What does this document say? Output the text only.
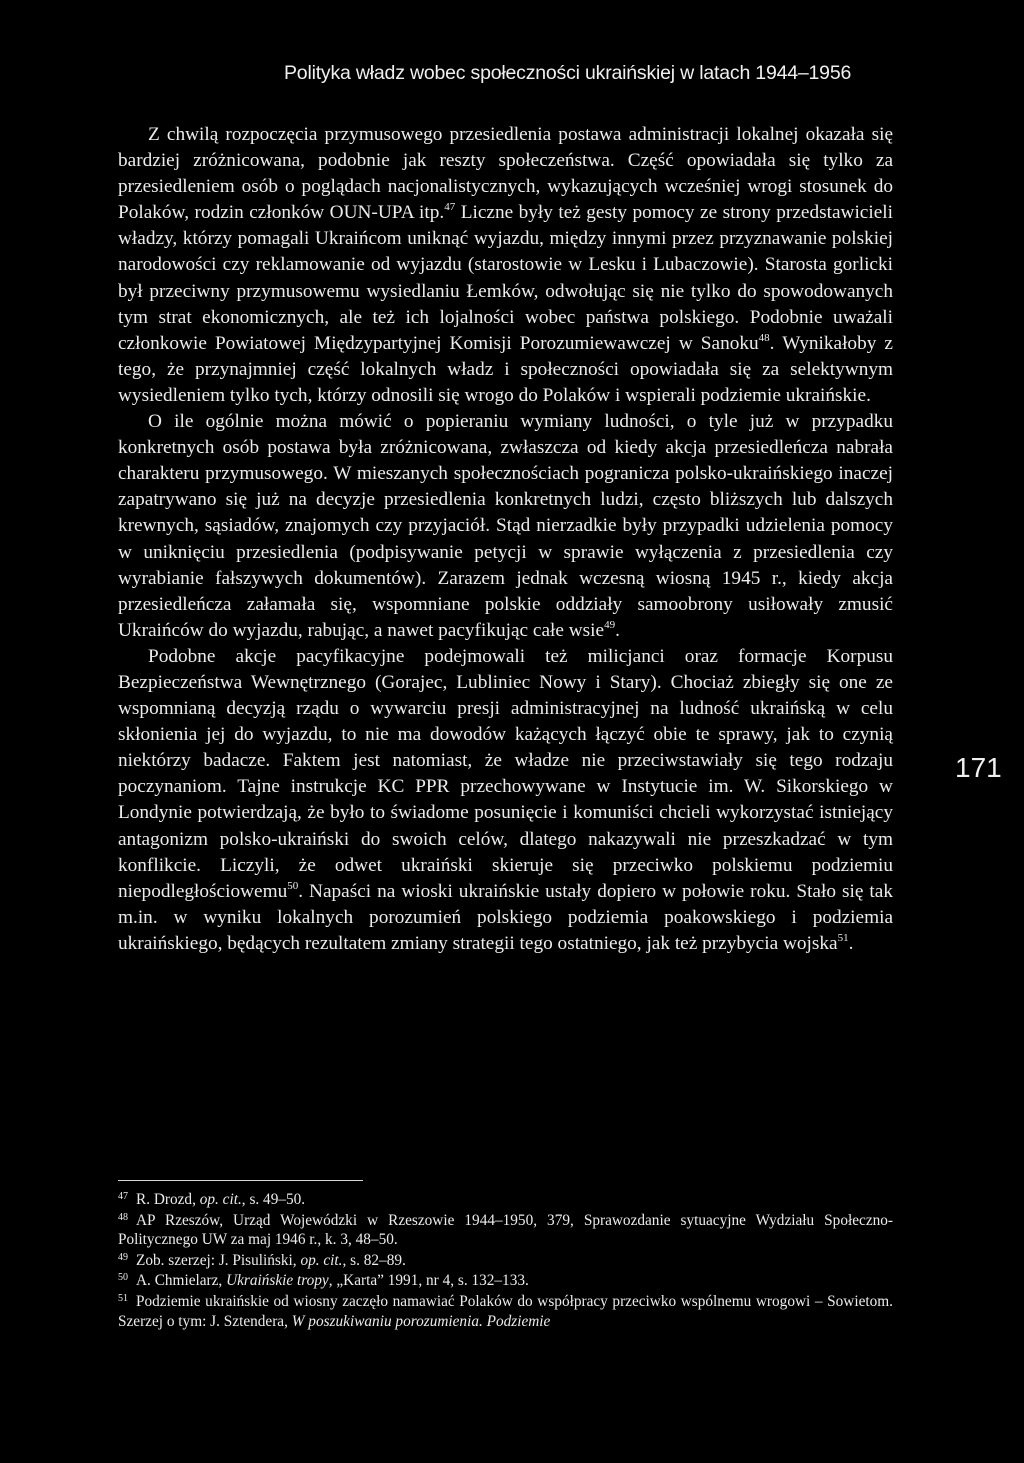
Polityka władz wobec społeczności ukraińskiej w latach 1944–1956

Z chwilą rozpoczęcia przymusowego przesiedlenia postawa administracji lokalnej okazała się bardziej zróżnicowana, podobnie jak reszty społeczeństwa. Część opowiadała się tylko za przesiedleniem osób o poglądach nacjonalistycznych, wykazujących wcześniej wrogi stosunek do Polaków, rodzin członków OUN-UPA itp.$^{47}$ Liczne były też gesty pomocy ze strony przedstawicieli władzy, którzy pomagali Ukraińcom uniknąć wyjazdu, między innymi przez przyznawanie polskiej narodowości czy reklamowanie od wyjazdu (starostowie w Lesku i Lubaczowie). Starosta gorlicki był przeciwny przymusowemu wysiedlaniu Łemków, odwołując się nie tylko do spowodowanych tym strat ekonomicznych, ale też ich lojalności wobec państwa polskiego. Podobnie uważali członkowie Powiatowej Międzypartyjnej Komisji Porozumiewawczej w Sanoku$^{48}$. Wynikałoby z tego, że przynajmniej część lokalnych władz i społeczności opowiadała się za selektywnym wysiedleniem tylko tych, którzy odnosili się wrogo do Polaków i wspierali podziemie ukraińskie.

O ile ogólnie można mówić o popieraniu wymiany ludności, o tyle już w przypadku konkretnych osób postawa była zróżnicowana, zwłaszcza od kiedy akcja przesiedleńcza nabrała charakteru przymusowego. W mieszanych społecznościach pogranicza polsko-ukraińskiego inaczej zapatrywano się już na decyzje przesiedlenia konkretnych ludzi, często bliższych lub dalszych krewnych, sąsiadów, znajomych czy przyjaciół. Stąd nierzadkie były przypadki udzielenia pomocy w uniknięciu przesiedlenia (podpisywanie petycji w sprawie wyłączenia z przesiedlenia czy wyrabianie fałszywych dokumentów). Zarazem jednak wczesną wiosną 1945 r., kiedy akcja przesiedleńcza załamała się, wspomniane polskie oddziały samoobrony usiłowały zmusić Ukraińców do wyjazdu, rabując, a nawet pacyfikując całe wsie$^{49}$.

Podobne akcje pacyfikacyjne podejmowali też milicjanci oraz formacje Korpusu Bezpieczeństwa Wewnętrznego (Gorajec, Lubliniec Nowy i Stary). Chociaż zbiegły się one ze wspomnianą decyzją rządu o wywarciu presji administracyjnej na ludność ukraińską w celu skłonienia jej do wyjazdu, to nie ma dowodów każących łączyć obie te sprawy, jak to czynią niektórzy badacze. Faktem jest natomiast, że władze nie przeciwstawiały się tego rodzaju poczynaniom. Tajne instrukcje KC PPR przechowywane w Instytucie im. W. Sikorskiego w Londynie potwierdzają, że było to świadome posunięcie i komuniści chcieli wykorzystać istniejący antagonizm polsko-ukraiński do swoich celów, dlatego nakazywali nie przeszkadzać w tym konflikcie. Liczyli, że odwet ukraiński skieruje się przeciwko polskiemu podziemiu niepodległościowemu$^{50}$. Napaści na wioski ukraińskie ustały dopiero w połowie roku. Stało się tak m.in. w wyniku lokalnych porozumień polskiego podziemia poakowskiego i podziemia ukraińskiego, będących rezultatem zmiany strategii tego ostatniego, jak też przybycia wojska$^{51}$.

171

$^{47}$ R. Drozd, op. cit., s. 49–50.

$^{48}$ AP Rzeszów, Urząd Wojewódzki w Rzeszowie 1944–1950, 379, Sprawozdanie sytuacyjne Wydziału Społeczno-Politycznego UW za maj 1946 r., k. 3, 48–50.

$^{49}$ Zob. szerzej: J. Pisuliński, op. cit., s. 82–89.

$^{50}$ A. Chmielarz, Ukraińskie tropy, „Karta” 1991, nr 4, s. 132–133.

$^{51}$ Podziemie ukraińskie od wiosny zaczęło namawiać Polaków do współpracy przeciwko wspólnemu wrogowi – Sowietom. Szerzej o tym: J. Sztendera, W poszukiwaniu porozumienia. Podziemie
